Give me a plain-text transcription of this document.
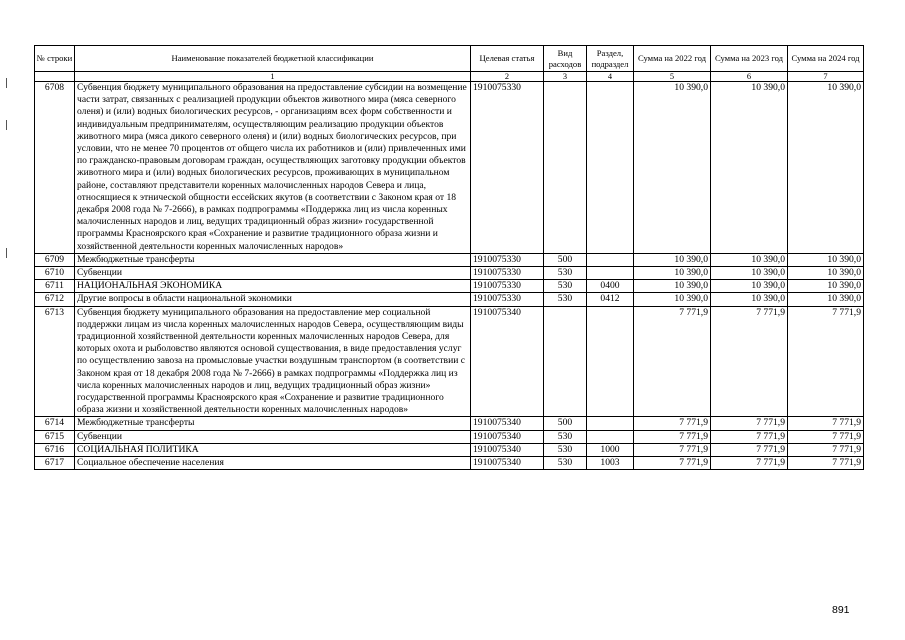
№ строки	Наименование показателей бюджетной классификации	Целевая статья	Вид расходов	Раздел, подраздел	Сумма на 2022 год	Сумма на 2023 год	Сумма на 2024 год
	1	2	3	4	5	6	7
6708	Субвенция бюджету муниципального образования на предоставление субсидии на возмещение части затрат, связанных с реализацией продукции объектов животного мира (мяса северного оленя) и (или) водных биологических ресурсов, - организациям всех форм собственности и индивидуальным предпринимателям, осуществляющим реализацию продукции объектов животного мира (мяса дикого северного оленя) и (или) водных биологических ресурсов, при условии, что не менее 70 процентов от общего числа их работников и (или) привлеченных ими по гражданско-правовым договорам граждан, осуществляющих заготовку продукции объектов животного мира и (или) водных биологических ресурсов, проживающих в муниципальном районе, составляют представители коренных малочисленных народов Севера и лица, относящиеся к этнической общности ессейских якутов (в соответствии с Законом края от 18 декабря 2008 года № 7-2666), в рамках подпрограммы «Поддержка лиц из числа коренных малочисленных народов и лиц, ведущих традиционный образ жизни» государственной программы Красноярского края «Сохранение и развитие традиционного образа жизни и хозяйственной деятельности коренных малочисленных народов»	1910075330			10 390,0	10 390,0	10 390,0
6709	Межбюджетные трансферты	1910075330	500		10 390,0	10 390,0	10 390,0
6710	Субвенции	1910075330	530		10 390,0	10 390,0	10 390,0
6711	НАЦИОНАЛЬНАЯ ЭКОНОМИКА	1910075330	530	0400	10 390,0	10 390,0	10 390,0
6712	Другие вопросы в области национальной экономики	1910075330	530	0412	10 390,0	10 390,0	10 390,0
6713	Субвенция бюджету муниципального образования на предоставление мер социальной поддержки лицам из числа коренных малочисленных народов Севера, осуществляющим виды традиционной хозяйственной деятельности коренных малочисленных народов Севера, для которых охота и рыболовство являются основой существования, в виде предоставления услуг по осуществлению завоза на промысловые участки воздушным транспортом (в соответствии с Законом края от 18 декабря 2008 года № 7-2666) в рамках подпрограммы «Поддержка лиц из числа коренных малочисленных народов и лиц, ведущих традиционный образ жизни» государственной программы Красноярского края «Сохранение и развитие традиционного образа жизни и хозяйственной деятельности коренных малочисленных народов»	1910075340			7 771,9	7 771,9	7 771,9
6714	Межбюджетные трансферты	1910075340	500		7 771,9	7 771,9	7 771,9
6715	Субвенции	1910075340	530		7 771,9	7 771,9	7 771,9
6716	СОЦИАЛЬНАЯ ПОЛИТИКА	1910075340	530	1000	7 771,9	7 771,9	7 771,9
6717	Социальное обеспечение населения	1910075340	530	1003	7 771,9	7 771,9	7 771,9
891
